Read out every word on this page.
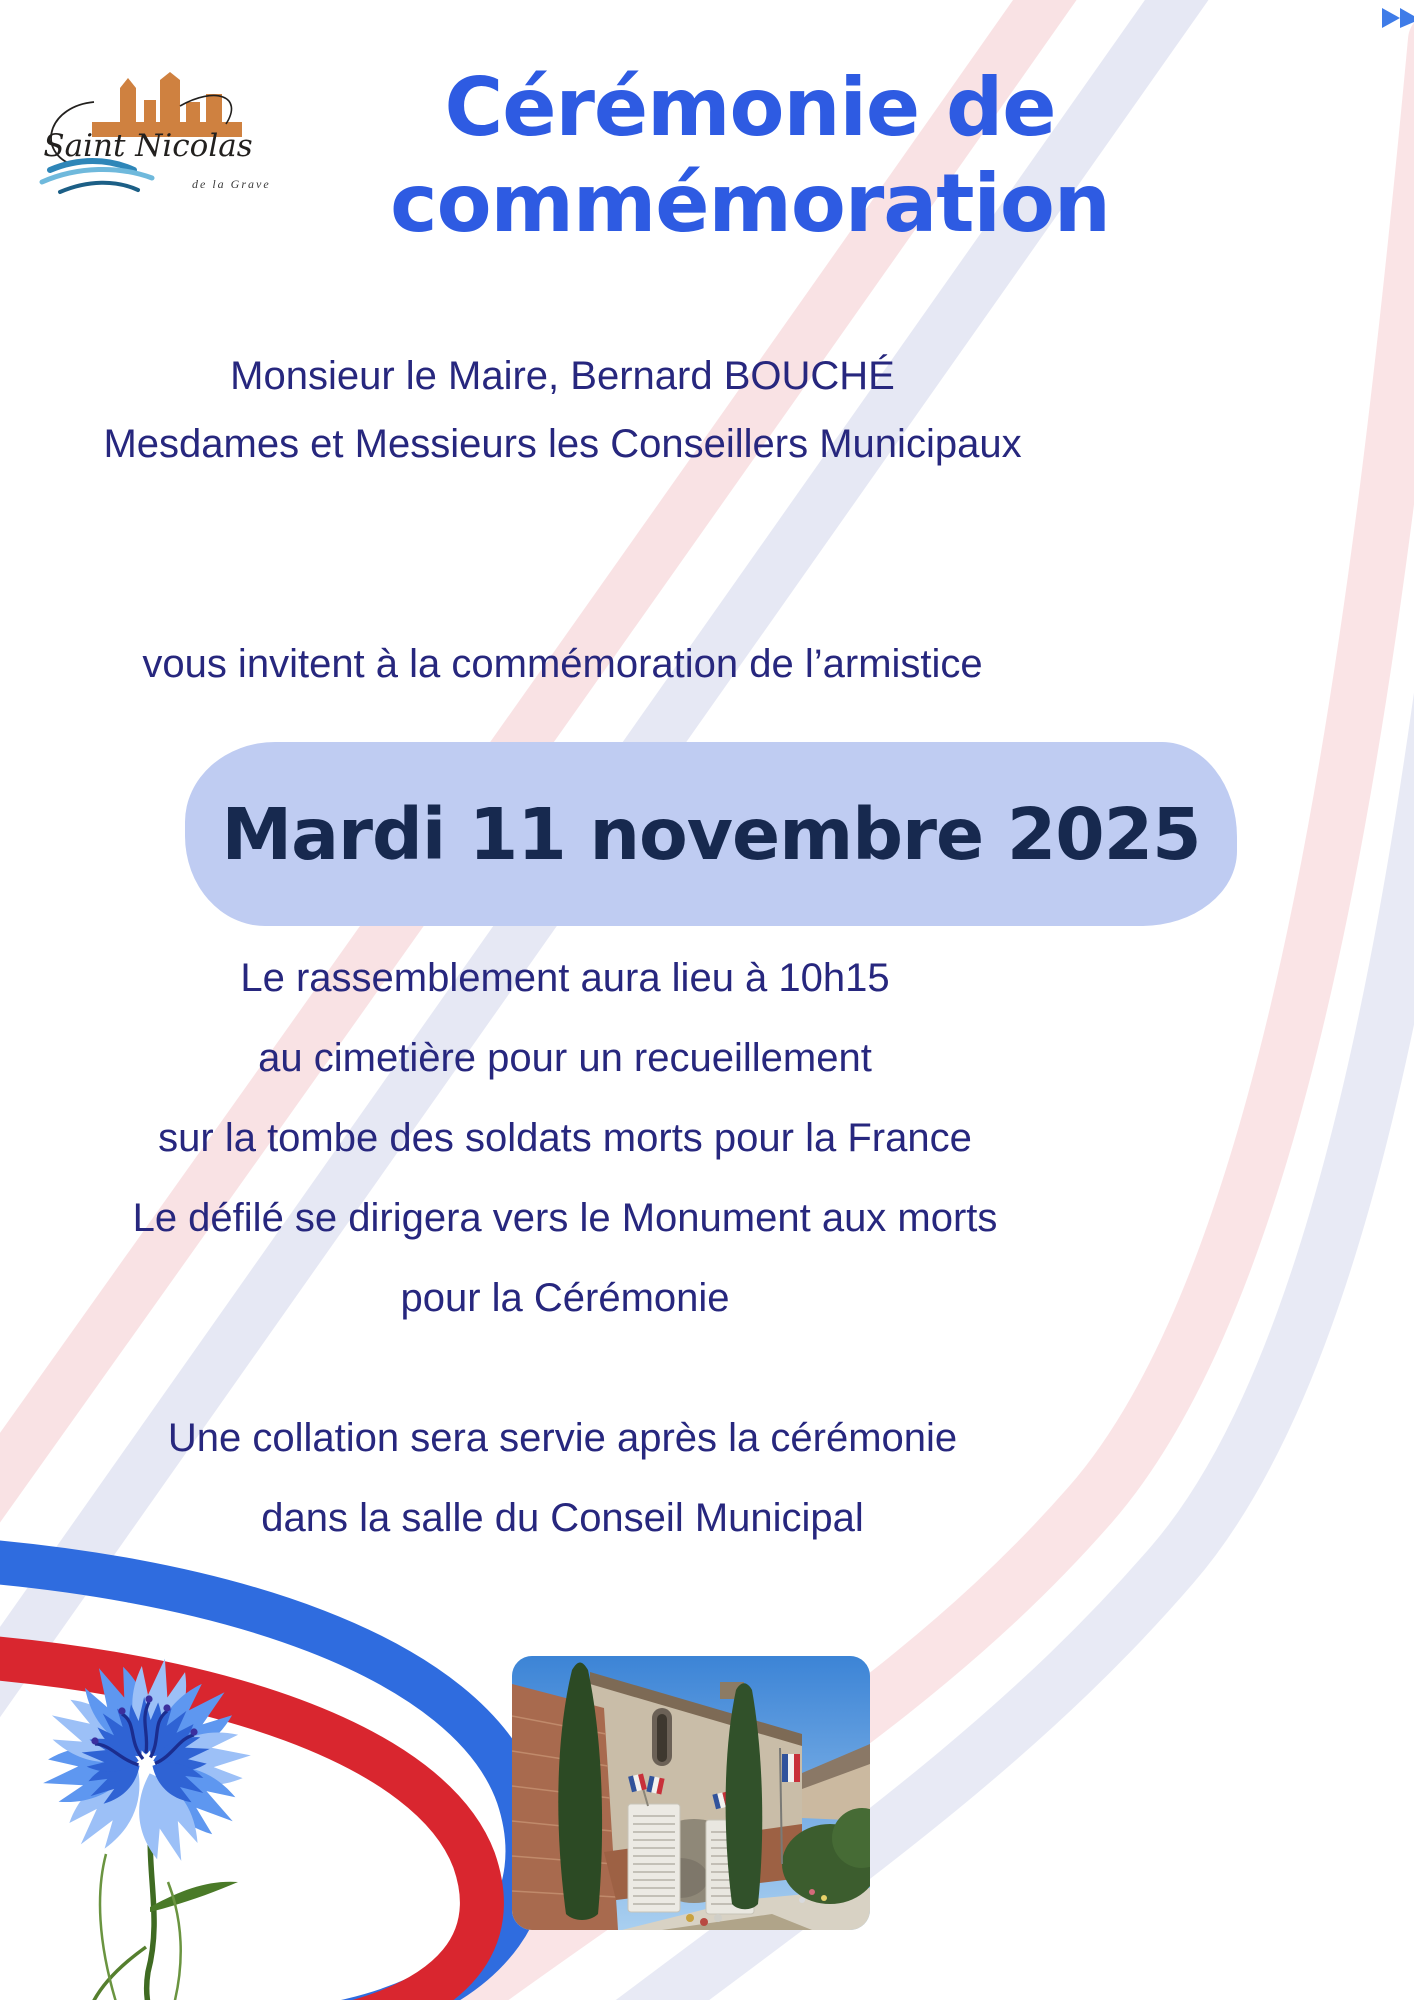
Saint Nicolas
de la Grave
Cérémonie de
commémoration

Monsieur le Maire, Bernard BOUCHÉ

Mesdames et Messieurs les Conseillers Municipaux

vous invitent à la commémoration de l’armistice

Mardi 11 novembre 2025

Le rassemblement aura lieu à 10h15

au cimetière pour un recueillement

sur la tombe des soldats morts pour la France

Le défilé se dirigera vers le Monument aux morts

pour la Cérémonie

Une collation sera servie après la cérémonie

dans la salle du Conseil Municipal
